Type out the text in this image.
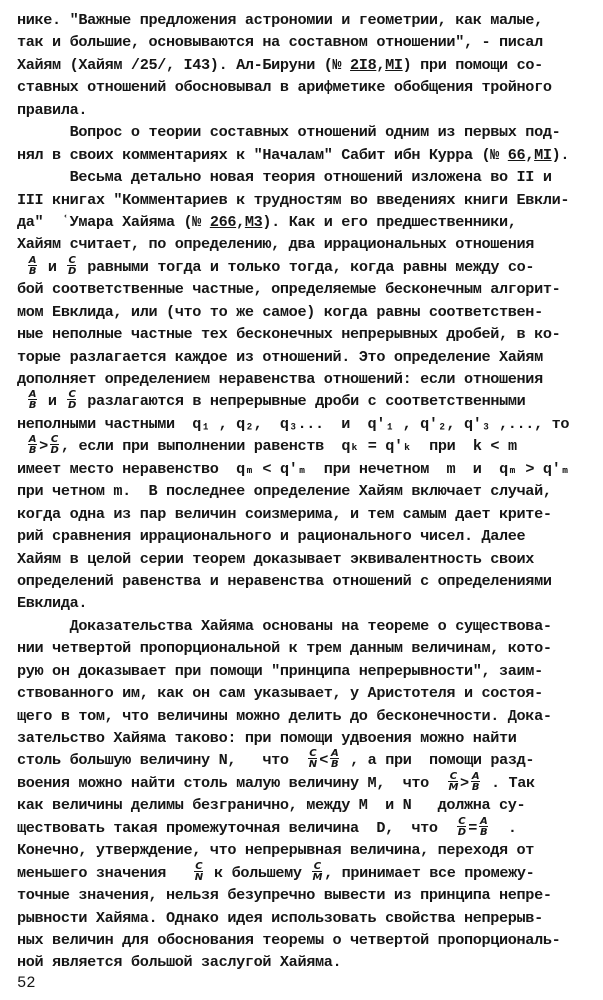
нике. "Важные предложения астрономии и геометрии, как малые,
так и большие, основываются на составном отношении", - писал
Хайям (Хайям /25/, I43). Ал-Бируни (№ 2I8,MI) при помощи со-
ставных отношений обосновывал в арифметике обобщения тройного
правила.
Вопрос о теории составных отношений одним из первых под-
нял в своих комментариях к "Началам" Сабит ибн Курра (№ 66,MI).
Весьма детально новая теория отношений изложена во II и
III книгах "Комментариев к трудностям во введениях книги Евкли-
да"  ʿУмара Хайяма (№ 266,M3). Как и его предшественники,
Хайям считает, по определению, два иррациональных отношения

$\frac{A}{B}$ и $\frac{C}{D}$ равными тогда и только тогда, когда равны между со-
бой соответственные частные, определяемые бесконечным алгорит-
мом Евклида, или (что то же самое) когда равны соответствен-
ные неполные частные тех бесконечных непрерывных дробей, в ко-
торые разлагается каждое из отношений. Это определение Хайям
дополняет определением неравенства отношений: если отношения

$\frac{A}{B}$ и $\frac{C}{D}$ разлагаются в непрерывные дроби с соответственными
неполными частными  q₁ , q₂,  q₃...  и  q'₁ , q'₂, q'₃ ,..., то

$\frac{A}{B} > \frac{C}{D}$ , если при выполнении равенств  qₖ = q'ₖ  при  k < m
имеет место неравенство  qₘ < q'ₘ  при нечетном  m  и  qₘ > q'ₘ
при четном m.  В последнее определение Хайям включает случай,
когда одна из пар величин соизмерима, и тем самым дает крите-
рий сравнения иррационального и рационального чисел. Далее
Хайям в целой серии теорем доказывает эквивалентность своих
определений равенства и неравенства отношений с определениями
Евклида.
Доказательства Хайяма основаны на теореме о существова-
нии четвертой пропорциональной к трем данным величинам, кото-
рую он доказывает при помощи "принципа непрерывности", заим-
ствованного им, как он сам указывает, у Аристотеля и состоя-
щего в том, что величины можно делить до бесконечности. Дока-
зательство Хайяма таково: при помощи удвоения можно найти
столь большую величину N,   что $\frac{C}{N} < \frac{A}{B}$ , а при  помощи разд-
воения можно найти столь малую величину M,  что $\frac{C}{M} > \frac{A}{B}$ . Так
как величины делимы безгранично, между M  и N   должна су-
ществовать такая промежуточная величина  D,  что $\frac{C}{D} = \frac{A}{B}$ .
Конечно, утверждение, что непрерывная величина, переходя от
меньшего значения $\frac{C}{N}$ к большему $\frac{C}{M}$ , принимает все промежу-
точные значения, нельзя безупречно вывести из принципа непре-
рывности Хайяма. Однако идея использовать свойства непрерыв-
ных величин для обоснования теоремы о четвертой пропорциональ-
ной является большой заслугой Хайяма.
52
